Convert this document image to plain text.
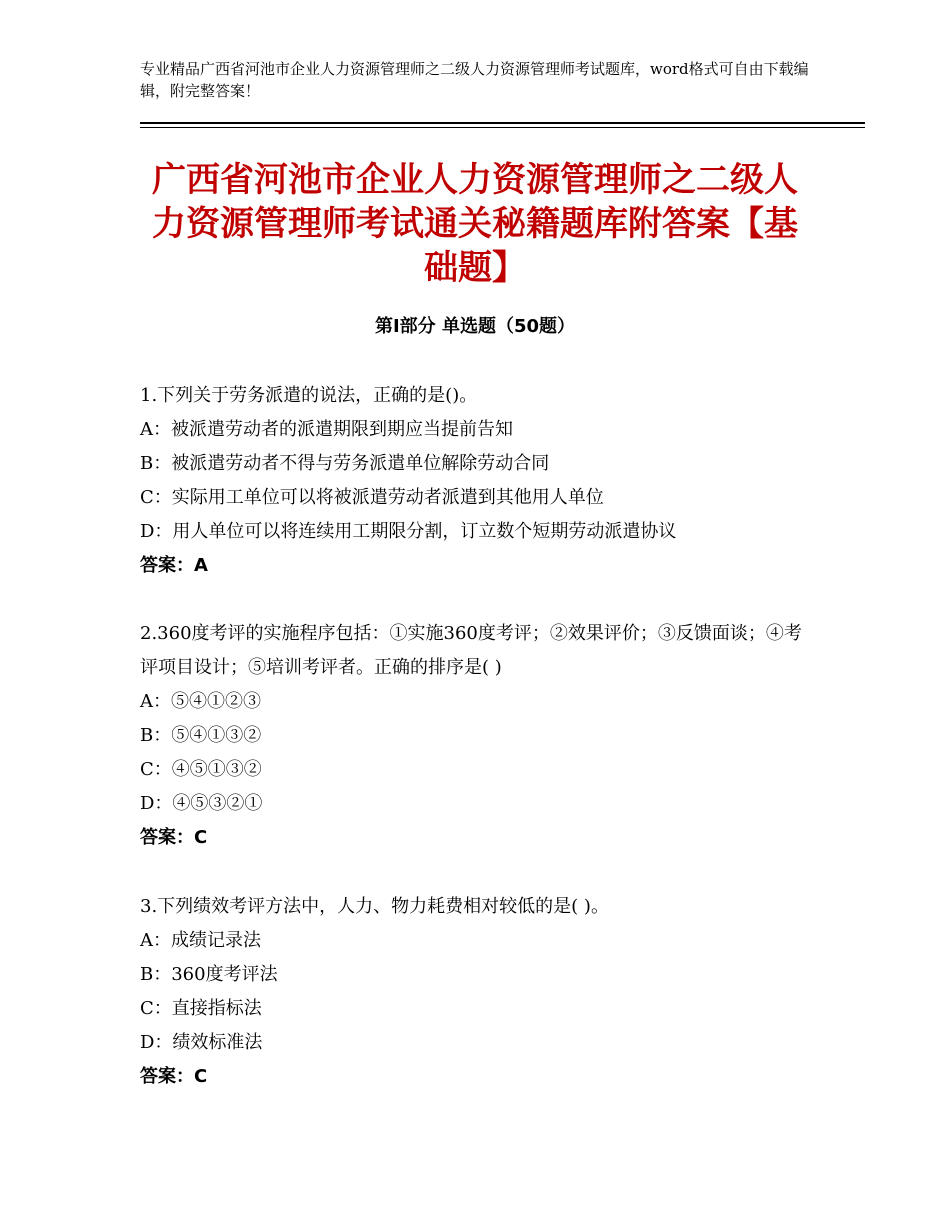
专业精品广西省河池市企业人力资源管理师之二级人力资源管理师考试题库，word格式可自由下载编辑，附完整答案！
广西省河池市企业人力资源管理师之二级人力资源管理师考试通关秘籍题库附答案【基础题】
第Ⅰ部分 单选题（50题）

1.下列关于劳务派遣的说法，正确的是()。

A：被派遣劳动者的派遣期限到期应当提前告知

B：被派遣劳动者不得与劳务派遣单位解除劳动合同

C：实际用工单位可以将被派遣劳动者派遣到其他用人单位

D：用人单位可以将连续用工期限分割，订立数个短期劳动派遣协议

答案：A

2.360度考评的实施程序包括：①实施360度考评；②效果评价；③反馈面谈；④考评项目设计；⑤培训考评者。正确的排序是( )

A：⑤④①②③

B：⑤④①③②

C：④⑤①③②

D：④⑤③②①

答案：C

3.下列绩效考评方法中，人力、物力耗费相对较低的是( )。

A：成绩记录法

B：360度考评法

C：直接指标法

D：绩效标准法

答案：C
